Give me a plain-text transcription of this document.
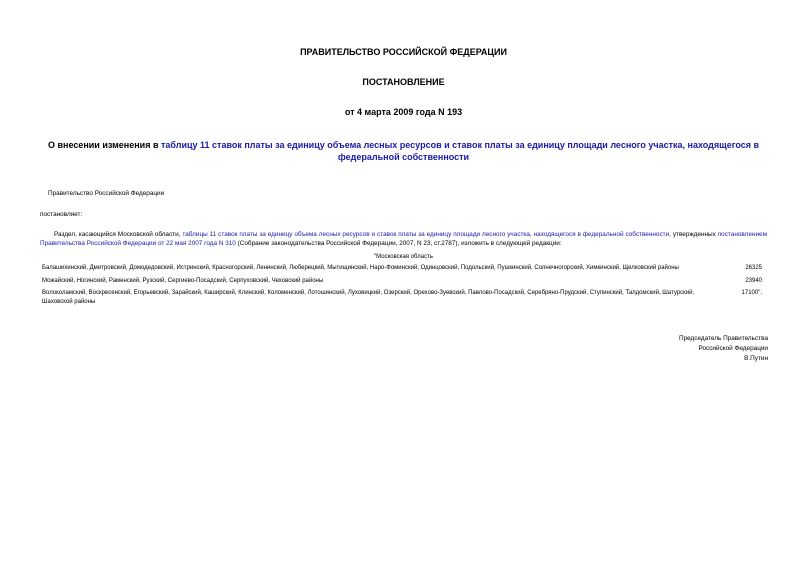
ПРАВИТЕЛЬСТВО РОССИЙСКОЙ ФЕДЕРАЦИИ
ПОСТАНОВЛЕНИЕ
от 4 марта 2009 года N 193
О внесении изменения в таблицу 11 ставок платы за единицу объема лесных ресурсов и ставок платы за единицу площади лесного участка, находящегося в федеральной собственности
Правительство Российской Федерации
постановляет:
Раздел, касающийся Московской области, таблицы 11 ставок платы за единицу объема лесных ресурсов и ставок платы за единицу площади лесного участка, находящегося в федеральной собственности, утвержденных постановлением Правительства Российской Федерации от 22 мая 2007 года N 310 (Собрание законодательства Российской Федерации, 2007, N 23, ст.2787), изложить в следующей редакции:
"Московская область
Балашихинский, Дмитровский, Домодедовский, Истринский, Красногорский, Ленинский, Люберецкий, Мытищинский, Наро-Фоминский, Одинцовский, Подольский, Пушкинский, Солнечногорский, Химкинский, Щелковский районы	26325
Можайский, Ногинский, Раменский, Рузский, Сергиево-Посадский, Серпуховский, Чеховский районы	23940
Волоколамский, Воскресенский, Егорьевский, Зарайский, Каширский, Клинский, Коломенский, Лотошинский, Луховицкий, Озерский, Орехово-Зуевский, Павлово-Посадский, Серебряно-Прудский, Ступинский, Талдомский, Шатурский, Шаховской районы
17100".
Председатель Правительства
Российской Федерации
В.Путин
